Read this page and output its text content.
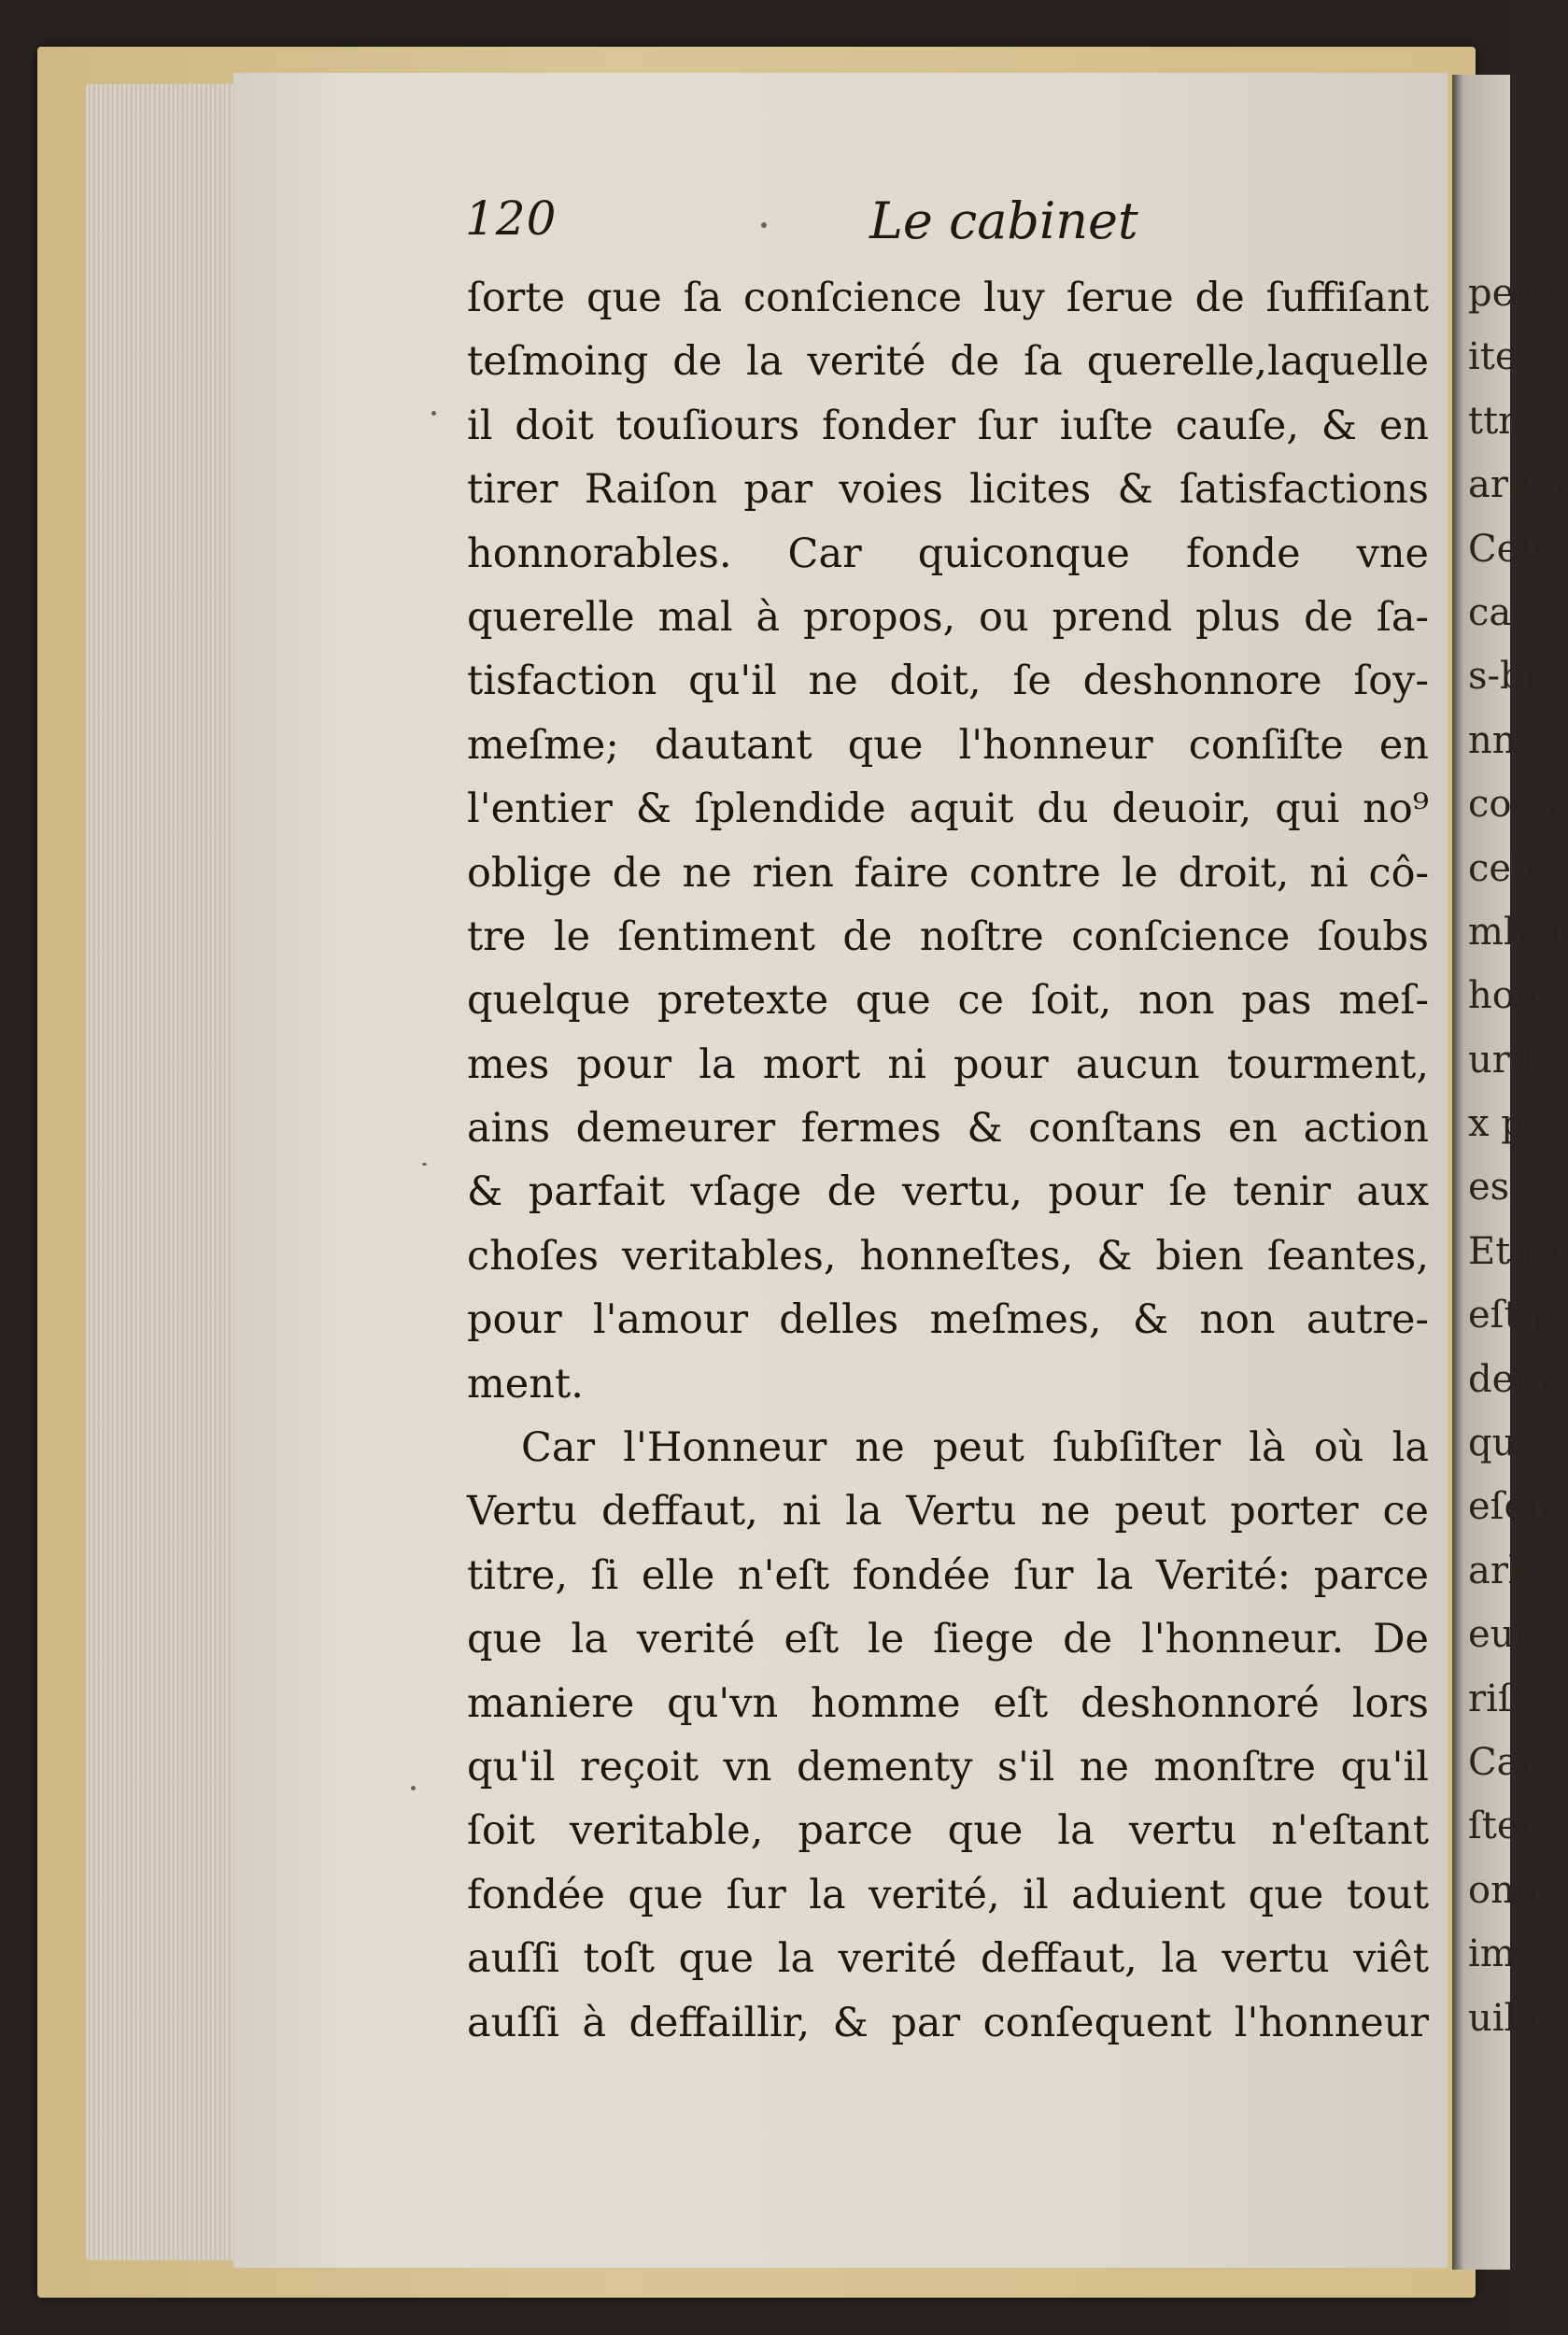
perd:
itect
ttne
are q
Ceſt
cau
s-bi
nnu
coda
cete
mbat
hou
urd
x pa
es.
Et to
eſt p
defa
que
eſen
arles
eur
riſe
Car
ſter
onne
ime
uila
120	Le cabinet
ſorte que ſa conſcience luy ſerue de ſuffiſant
teſmoing de la verité de ſa querelle,laquelle
il doit touſiours fonder ſur iuſte cauſe, & en
tirer Raiſon par voies licites & ſatisfactions
honnorables. Car quiconque fonde vne
querelle mal à propos, ou prend plus de ſa-
tisfaction qu'il ne doit, ſe deshonnore ſoy-
meſme; dautant que l'honneur conſiſte en
l'entier & ſplendide aquit du deuoir, qui no⁹
oblige de ne rien faire contre le droit, ni cô-
tre le ſentiment de noſtre conſcience ſoubs
quelque pretexte que ce ſoit, non pas meſ-
mes pour la mort ni pour aucun tourment,
ains demeurer fermes & conſtans en action
& parfait vſage de vertu, pour ſe tenir aux
choſes veritables, honneſtes, & bien ſeantes,
pour l'amour delles meſmes, & non autre-
ment.
Car l'Honneur ne peut ſubſiſter là où la
Vertu deffaut, ni la Vertu ne peut porter ce
titre, ſi elle n'eſt fondée ſur la Verité: parce
que la verité eſt le ſiege de l'honneur. De
maniere qu'vn homme eſt deshonnoré lors
qu'il reçoit vn dementy s'il ne monſtre qu'il
ſoit veritable, parce que la vertu n'eſtant
fondée que ſur la verité, il aduient que tout
auſſi toſt que la verité deffaut, la vertu viêt
auſſi à deffaillir, & par conſequent l'honneur
